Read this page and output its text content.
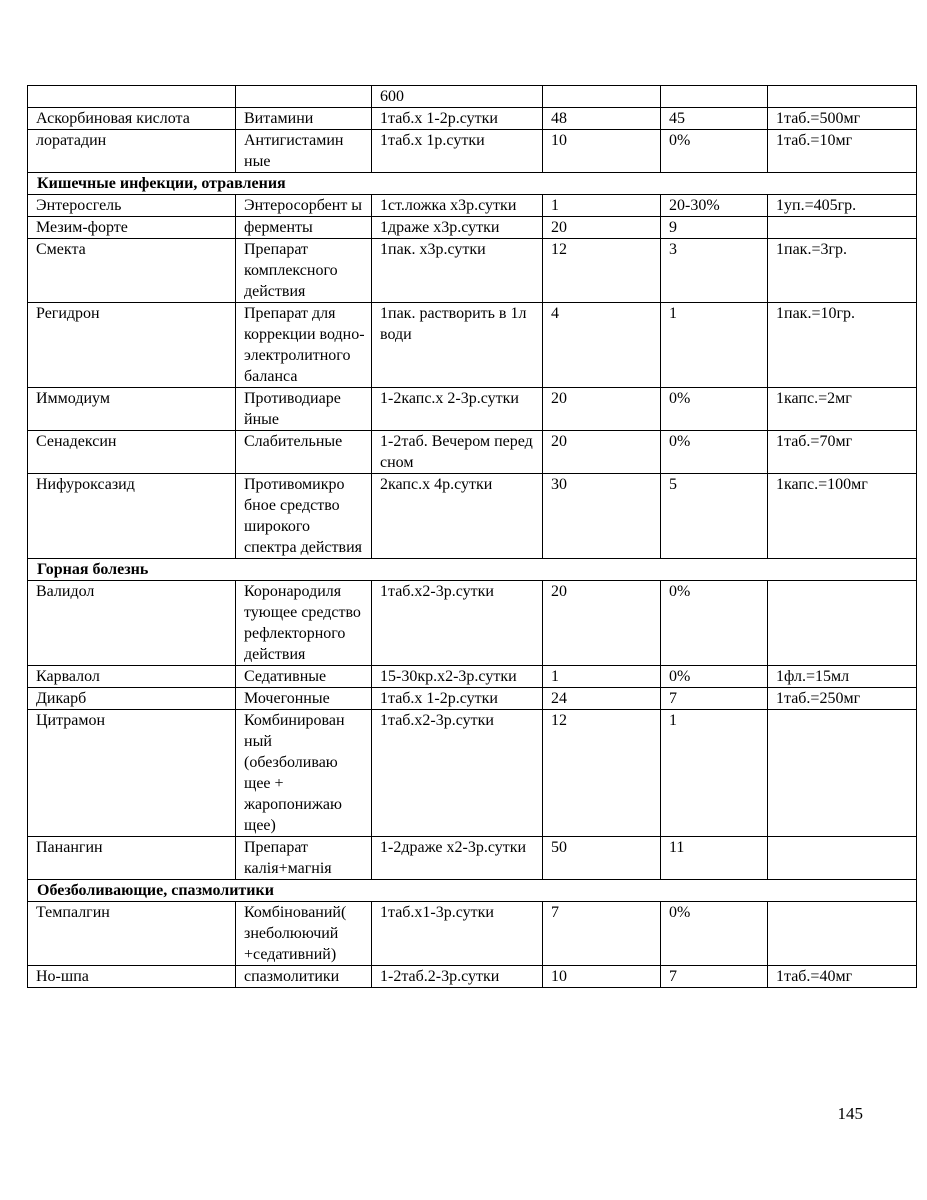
		600			
Аскорбиновая кислота	Витамини	1таб.х 1-2р.сутки	48	45	1таб.=500мг
лоратадин	Антигистамин ные	1таб.х 1р.сутки	10	0%	1таб.=10мг
Кишечные инфекции, отравления					
Энтеросгель	Энтеросорбент ы	1ст.ложка х3р.сутки	1	20-30%	1уп.=405гр.
Мезим-форте	ферменты	1драже х3р.сутки	20	9	
Смекта	Препарат комплексного действия	1пак. х3р.сутки	12	3	1пак.=3гр.
Регидрон	Препарат для коррекции водно-электролитного баланса	1пак. растворить в 1л води	4	1	1пак.=10гр.
Иммодиум	Противодиаре йные	1-2капс.х 2-3р.сутки	20	0%	1капс.=2мг
Сенадексин	Слабительные	1-2таб. Вечером перед сном	20	0%	1таб.=70мг
Нифуроксазид	Противомикро бное средство широкого спектра действия	2капс.х 4р.сутки	30	5	1капс.=100мг
Горная болезнь					
Валидол	Коронародиля тующее средство рефлекторного действия	1таб.х2-3р.сутки	20	0%	
Карвалол	Седативные	15-30кр.х2-3р.сутки	1	0%	1фл.=15мл
Дикарб	Мочегонные	1таб.х 1-2р.сутки	24	7	1таб.=250мг
Цитрамон	Комбинирован ный (обезболиваю щее + жаропонижаю щее)	1таб.х2-3р.сутки	12	1	
Панангин	Препарат калія+магнія	1-2драже х2-3р.сутки	50	11	
Обезболивающие, спазмолитики					
Темпалгин	Комбінований( знеболюючий +седативний)	1таб.х1-3р.сутки	7	0%	
Но-шпа	спазмолитики	1-2таб.2-3р.сутки	10	7	1таб.=40мг
145
